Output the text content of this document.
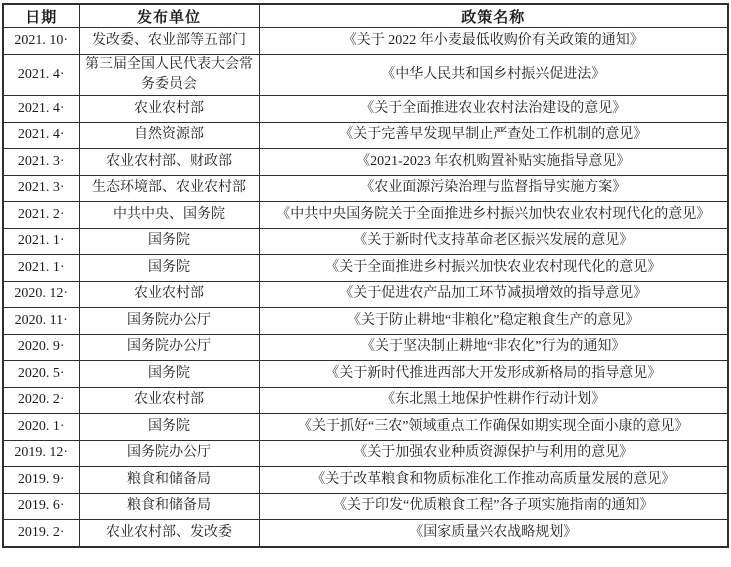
日期	发布单位	政策名称
2021. 10·	发改委、农业部等五部门	《关于 2022 年小麦最低收购价有关政策的通知》
2021. 4·	第三届全国人民代表大会常务委员会	《中华人民共和国乡村振兴促进法》
2021. 4·	农业农村部	《关于全面推进农业农村法治建设的意见》
2021. 4·	自然资源部	《关于完善早发现早制止严查处工作机制的意见》
2021. 3·	农业农村部、财政部	《2021-2023 年农机购置补贴实施指导意见》
2021. 3·	生态环境部、农业农村部	《农业面源污染治理与监督指导实施方案》
2021. 2·	中共中央、国务院	《中共中央国务院关于全面推进乡村振兴加快农业农村现代化的意见》
2021. 1·	国务院	《关于新时代支持革命老区振兴发展的意见》
2021. 1·	国务院	《关于全面推进乡村振兴加快农业农村现代化的意见》
2020. 12·	农业农村部	《关于促进农产品加工环节减损增效的指导意见》
2020. 11·	国务院办公厅	《关于防止耕地“非粮化”稳定粮食生产的意见》
2020. 9·	国务院办公厅	《关于坚决制止耕地“非农化”行为的通知》
2020. 5·	国务院	《关于新时代推进西部大开发形成新格局的指导意见》
2020. 2·	农业农村部	《东北黑土地保护性耕作行动计划》
2020. 1·	国务院	《关于抓好“三农”领域重点工作确保如期实现全面小康的意见》
2019. 12·	国务院办公厅	《关于加强农业种质资源保护与利用的意见》
2019. 9·	粮食和储备局	《关于改革粮食和物质标准化工作推动高质量发展的意见》
2019. 6·	粮食和储备局	《关于印发“优质粮食工程”各子项实施指南的通知》
2019. 2·	农业农村部、发改委	《国家质量兴农战略规划》
